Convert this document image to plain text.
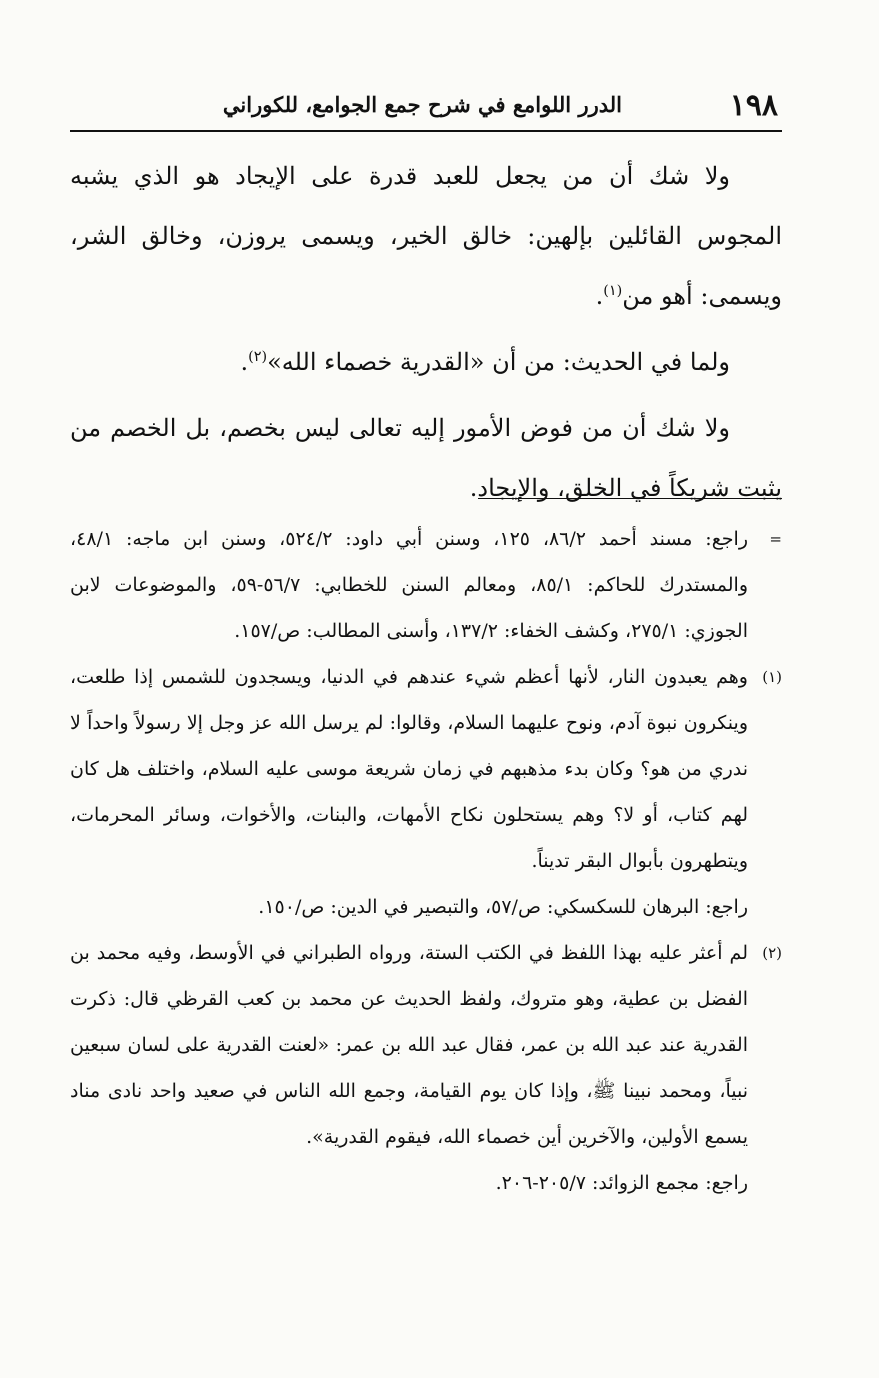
١٩٨
الدرر اللوامع في شرح جمع الجوامع، للكوراني

ولا شك أن من يجعل للعبد قدرة على الإيجاد هو الذي يشبه المجوس القائلين بإلهين: خالق الخير، ويسمى يروزن، وخالق الشر، ويسمى: أهو من$^{(١)}$.

ولما في الحديث: من أن «القدرية خصماء الله»$^{(٢)}$.

ولا شك أن من فوض الأمور إليه تعالى ليس بخصم، بل الخصم من يثبت شريكاً في الخلق، والإيجاد.

=
راجع: مسند أحمد ٨٦/٢، ١٢٥، وسنن أبي داود: ٥٢٤/٢، وسنن ابن ماجه: ٤٨/١، والمستدرك للحاكم: ٨٥/١، ومعالم السنن للخطابي: ٥٦/٧-٥٩، والموضوعات لابن الجوزي: ٢٧٥/١، وكشف الخفاء: ١٣٧/٢، وأسنى المطالب: ص/١٥٧.
(١)
وهم يعبدون النار، لأنها أعظم شيء عندهم في الدنيا، ويسجدون للشمس إذا طلعت، وينكرون نبوة آدم، ونوح عليهما السلام، وقالوا: لم يرسل الله عز وجل إلا رسولاً واحداً لا ندري من هو؟ وكان بدء مذهبهم في زمان شريعة موسى عليه السلام، واختلف هل كان لهم كتاب، أو لا؟ وهم يستحلون نكاح الأمهات، والبنات، والأخوات، وسائر المحرمات، ويتطهرون بأبوال البقر تديناً.

راجع: البرهان للسكسكي: ص/٥٧، والتبصير في الدين: ص/١٥٠.

(٢)
لم أعثر عليه بهذا اللفظ في الكتب الستة، ورواه الطبراني في الأوسط، وفيه محمد بن الفضل بن عطية، وهو متروك، ولفظ الحديث عن محمد بن كعب القرظي قال: ذكرت القدرية عند عبد الله بن عمر، فقال عبد الله بن عمر: «لعنت القدرية على لسان سبعين نبياً، ومحمد نبينا ﷺ، وإذا كان يوم القيامة، وجمع الله الناس في صعيد واحد نادى مناد يسمع الأولين، والآخرين أين خصماء الله، فيقوم القدرية».

راجع: مجمع الزوائد: ٢٠٥/٧-٢٠٦.
